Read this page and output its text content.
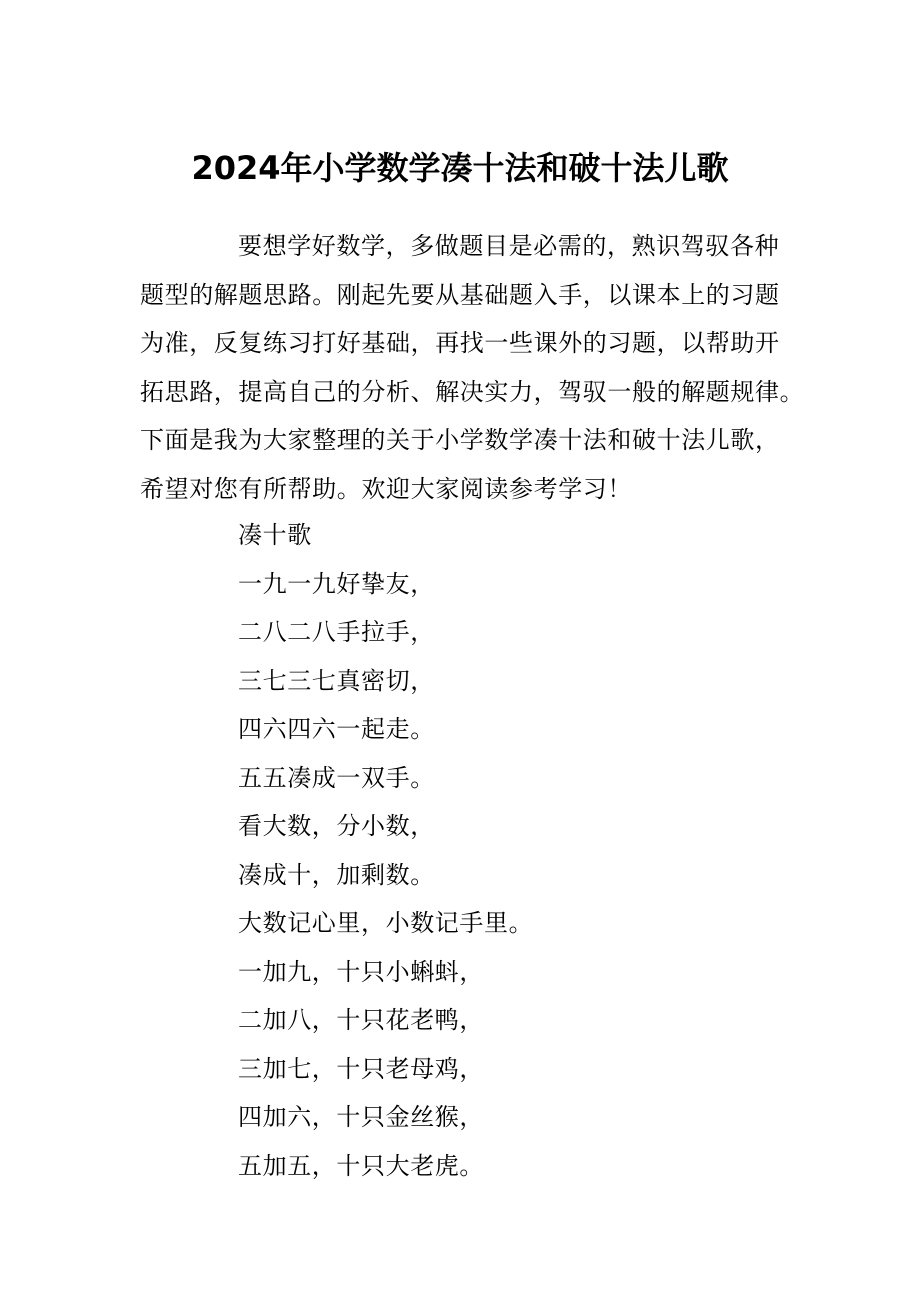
2024年小学数学凑十法和破十法儿歌
要想学好数学，多做题目是必需的，熟识驾驭各种
题型的解题思路。刚起先要从基础题入手，以课本上的习题
为准，反复练习打好基础，再找一些课外的习题，以帮助开
拓思路，提高自己的分析、解决实力，驾驭一般的解题规律。
下面是我为大家整理的关于小学数学凑十法和破十法儿歌，
希望对您有所帮助。欢迎大家阅读参考学习！
凑十歌
一九一九好挚友，
二八二八手拉手，
三七三七真密切，
四六四六一起走。
五五凑成一双手。
看大数，分小数，
凑成十，加剩数。
大数记心里，小数记手里。
一加九，十只小蝌蚪，
二加八，十只花老鸭，
三加七，十只老母鸡，
四加六，十只金丝猴，
五加五，十只大老虎。
